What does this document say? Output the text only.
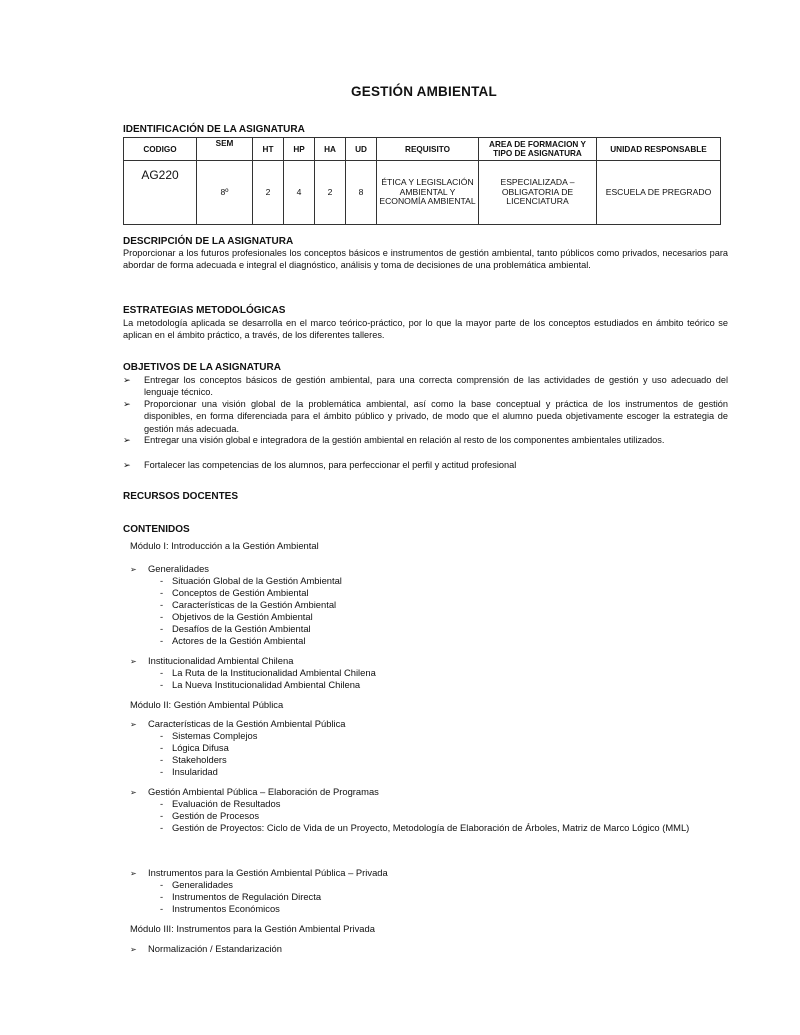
GESTIÓN AMBIENTAL
IDENTIFICACIÓN DE LA ASIGNATURA
CODIGO	SEM	HT	HP	HA	UD	REQUISITO	AREA DE FORMACION Y TIPO DE ASIGNATURA	UNIDAD RESPONSABLE
AG220	8º	2	4	2	8	ÉTICA Y LEGISLACIÓN AMBIENTAL Y ECONOMÍA AMBIENTAL	ESPECIALIZADA – OBLIGATORIA DE LICENCIATURA	ESCUELA DE PREGRADO
DESCRIPCIÓN DE LA ASIGNATURA
Proporcionar a los futuros profesionales los conceptos básicos e instrumentos de gestión ambiental, tanto públicos como privados, necesarios para abordar de forma adecuada e integral el diagnóstico, análisis y toma de decisiones de una problemática ambiental.
ESTRATEGIAS METODOLÓGICAS
La metodología aplicada se desarrolla en el marco teórico-práctico, por lo que la mayor parte de los conceptos estudiados en ámbito teórico se aplican en el ámbito práctico, a través, de los diferentes talleres.
OBJETIVOS DE LA ASIGNATURA
➢	Entregar los conceptos básicos de gestión ambiental, para una correcta comprensión de las actividades de gestión y uso adecuado del lenguaje técnico.
➢	Proporcionar una visión global de la problemática ambiental, así como la base conceptual y práctica de los instrumentos de gestión disponibles, en forma diferenciada para el ámbito público y privado, de modo que el alumno pueda objetivamente escoger la estrategia de gestión más adecuada.
➢	Entregar una visión global e integradora de la gestión ambiental en relación al resto de los componentes ambientales utilizados.
➢	Fortalecer las competencias de los alumnos, para perfeccionar el perfil y actitud profesional
RECURSOS DOCENTES
CONTENIDOS
Módulo I: Introducción a la Gestión Ambiental
➢ Generalidades
- Situación Global de la Gestión Ambiental
- Conceptos de Gestión Ambiental
- Características de la Gestión Ambiental
- Objetivos de la Gestión Ambiental
- Desafíos de la Gestión Ambiental
- Actores de la Gestión Ambiental
➢ Institucionalidad Ambiental Chilena
- La Ruta de la Institucionalidad Ambiental Chilena
- La Nueva Institucionalidad Ambiental Chilena
Módulo II: Gestión Ambiental Pública
➢ Características de la Gestión Ambiental Pública
- Sistemas Complejos
- Lógica Difusa
- Stakeholders
- Insularidad
➢ Gestión Ambiental Pública – Elaboración de Programas
- Evaluación de Resultados
- Gestión de Procesos
- Gestión de Proyectos: Ciclo de Vida de un Proyecto, Metodología de Elaboración de Árboles, Matriz de Marco Lógico (MML)
➢ Instrumentos para la Gestión Ambiental Pública – Privada
- Generalidades
- Instrumentos de Regulación Directa
- Instrumentos Económicos
Módulo III: Instrumentos para la Gestión Ambiental Privada
➢ Normalización / Estandarización
